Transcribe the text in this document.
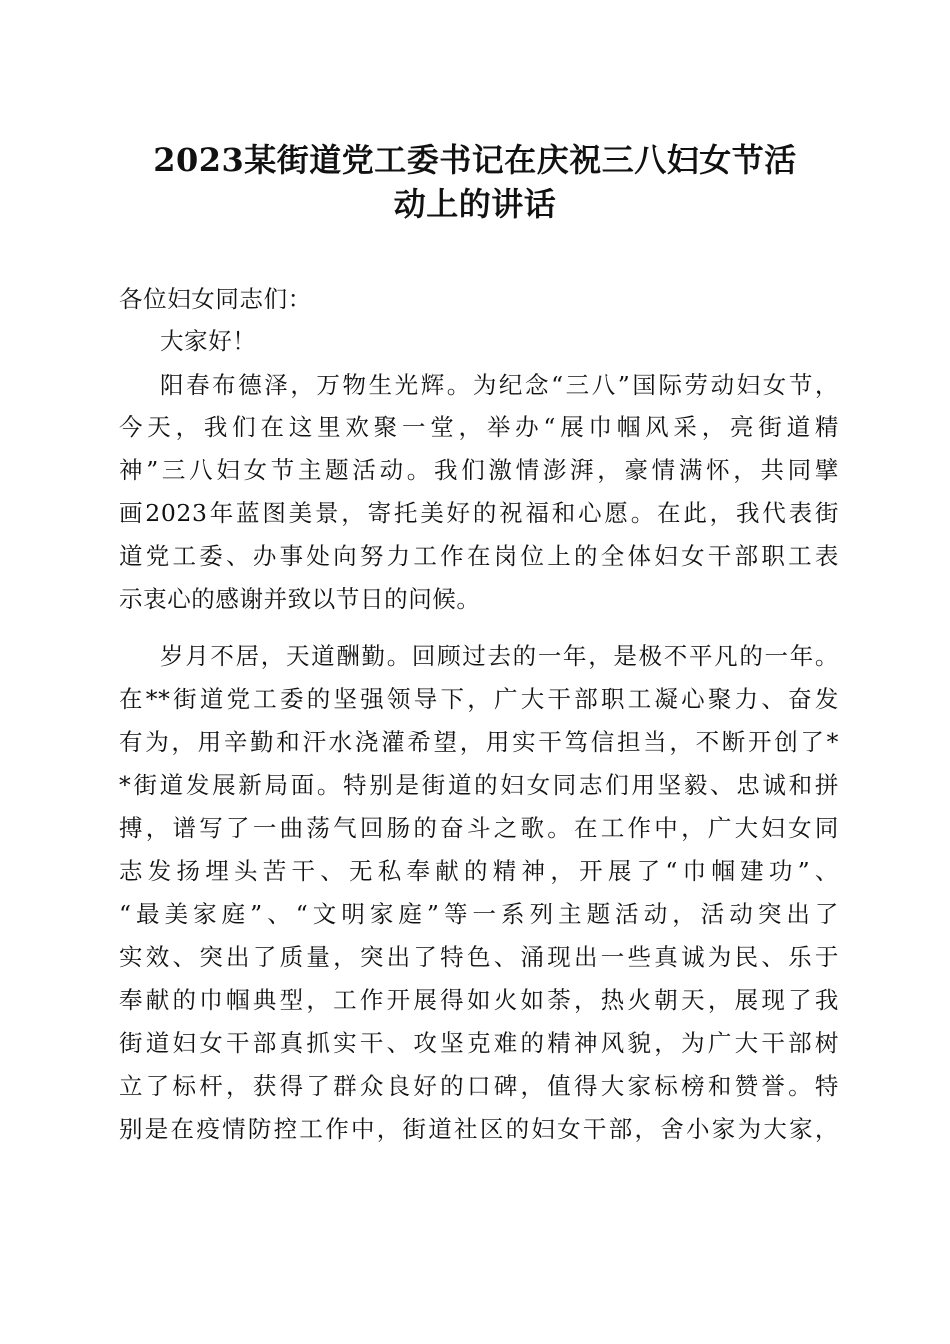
2023某街道党工委书记在庆祝三八妇女节活
动上的讲话
各位妇女同志们：
大家好！
阳春布德泽，万物生光辉。为纪念“三八”国际劳动妇女节，
今天，我们在这里欢聚一堂，举办“展巾帼风采，亮街道精
神”三八妇女节主题活动。我们激情澎湃，豪情满怀，共同擘
画2023年蓝图美景，寄托美好的祝福和心愿。在此，我代表街
道党工委、办事处向努力工作在岗位上的全体妇女干部职工表
示衷心的感谢并致以节日的问候。
岁月不居，天道酬勤。回顾过去的一年，是极不平凡的一年。
在**街道党工委的坚强领导下，广大干部职工凝心聚力、奋发
有为，用辛勤和汗水浇灌希望，用实干笃信担当，不断开创了*
*街道发展新局面。特别是街道的妇女同志们用坚毅、忠诚和拼
搏，谱写了一曲荡气回肠的奋斗之歌。在工作中，广大妇女同
志发扬埋头苦干、无私奉献的精神，开展了“巾帼建功”、
“最美家庭”、“文明家庭”等一系列主题活动，活动突出了
实效、突出了质量，突出了特色、涌现出一些真诚为民、乐于
奉献的巾帼典型，工作开展得如火如荼，热火朝天，展现了我
街道妇女干部真抓实干、攻坚克难的精神风貌，为广大干部树
立了标杆，获得了群众良好的口碑，值得大家标榜和赞誉。特
别是在疫情防控工作中，街道社区的妇女干部，舍小家为大家，
